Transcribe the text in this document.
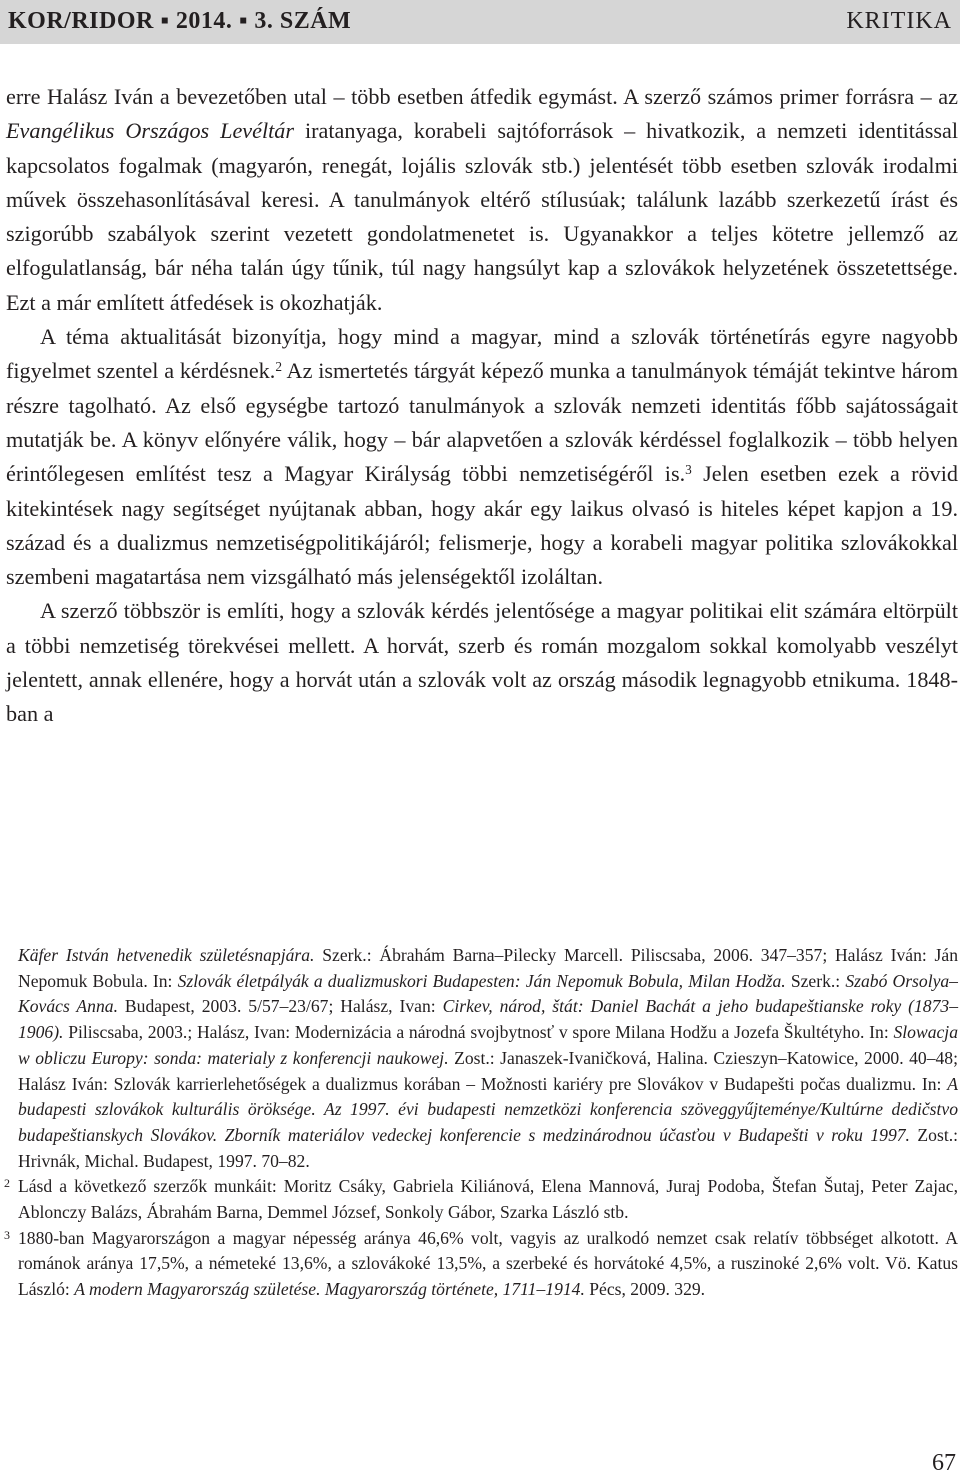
KOR/RIDOR ▪ 2014. ▪ 3. SZÁM	KRITIKA

erre Halász Iván a bevezetőben utal – több esetben átfedik egymást. A szerző számos primer forrásra – az Evangélikus Országos Levéltár iratanyaga, korabeli sajtóforrások – hivatkozik, a nemzeti identitással kapcsolatos fogalmak (magyarón, renegát, lojális szlovák stb.) jelentését több esetben szlovák irodalmi művek összehasonlításával keresi. A tanulmányok eltérő stílusúak; találunk lazább szerkezetű írást és szigorúbb szabályok szerint vezetett gondolatmenetet is. Ugyanakkor a teljes kötetre jellemző az elfogulatlanság, bár néha talán úgy tűnik, túl nagy hangsúlyt kap a szlovákok helyzetének összetettsége. Ezt a már említett átfedések is okozhatják.

A téma aktualitását bizonyítja, hogy mind a magyar, mind a szlovák történetírás egyre nagyobb figyelmet szentel a kérdésnek.$^2$ Az ismertetés tárgyát képező munka a tanulmányok témáját tekintve három részre tagolható. Az első egységbe tartozó tanulmányok a szlovák nemzeti identitás főbb sajátosságait mutatják be. A könyv előnyére válik, hogy – bár alapvetően a szlovák kérdéssel foglalkozik – több helyen érintőlegesen említést tesz a Magyar Királyság többi nemzetiségéről is.$^3$ Jelen esetben ezek a rövid kitekintések nagy segítséget nyújtanak abban, hogy akár egy laikus olvasó is hiteles képet kapjon a 19. század és a dualizmus nemzetiségpolitikájáról; felismerje, hogy a korabeli magyar politika szlovákokkal szembeni magatartása nem vizsgálható más jelenségektől izoláltan.

A szerző többször is említi, hogy a szlovák kérdés jelentősége a magyar politikai elit számára eltörpült a többi nemzetiség törekvései mellett. A horvát, szerb és román mozgalom sokkal komolyabb veszélyt jelentett, annak ellenére, hogy a horvát után a szlovák volt az ország második legnagyobb etnikuma. 1848-ban a

Käfer István hetvenedik születésnapjára. Szerk.: Ábrahám Barna–Pilecky Marcell. Piliscsaba, 2006. 347–357; Halász Iván: Ján Nepomuk Bobula. In: Szlovák életpályák a dualizmuskori Budapesten: Ján Nepomuk Bobula, Milan Hodža. Szerk.: Szabó Orsolya–Kovács Anna. Budapest, 2003. 5/57–23/67; Halász, Ivan: Cirkev, národ, štát: Daniel Bachát a jeho budapeštianske roky (1873–1906). Piliscsaba, 2003.; Halász, Ivan: Modernizácia a národná svojbytnosť v spore Milana Hodžu a Jozefa Škultétyho. In: Slowacja w obliczu Europy: sonda: materialy z konferencji naukowej. Zost.: Janaszek-Ivaničková, Halina. Czieszyn–Katowice, 2000. 40–48; Halász Iván: Szlovák karrierlehetőségek a dualizmus korában – Možnosti kariéry pre Slovákov v Budapešti počas dualizmu. In: A budapesti szlovákok kulturális öröksége. Az 1997. évi budapesti nemzetközi konferencia szöveggyűjteménye/Kultúrne dedičstvo budapeštianskych Slovákov. Zborník materiálov vedeckej konferencie s medzinárodnou účasťou v Budapešti v roku 1997. Zost.: Hrivnák, Michal. Budapest, 1997. 70–82.

2 Lásd a következő szerzők munkáit: Moritz Csáky, Gabriela Kiliánová, Elena Mannová, Juraj Podoba, Štefan Šutaj, Peter Zajac, Ablonczy Balázs, Ábrahám Barna, Demmel József, Sonkoly Gábor, Szarka László stb.

3 1880-ban Magyarországon a magyar népesség aránya 46,6% volt, vagyis az uralkodó nemzet csak relatív többséget alkotott. A románok aránya 17,5%, a németeké 13,6%, a szlovákoké 13,5%, a szerbeké és horvátoké 4,5%, a ruszinoké 2,6% volt. Vö. Katus László: A modern Magyarország születése. Magyarország története, 1711–1914. Pécs, 2009. 329.

67
